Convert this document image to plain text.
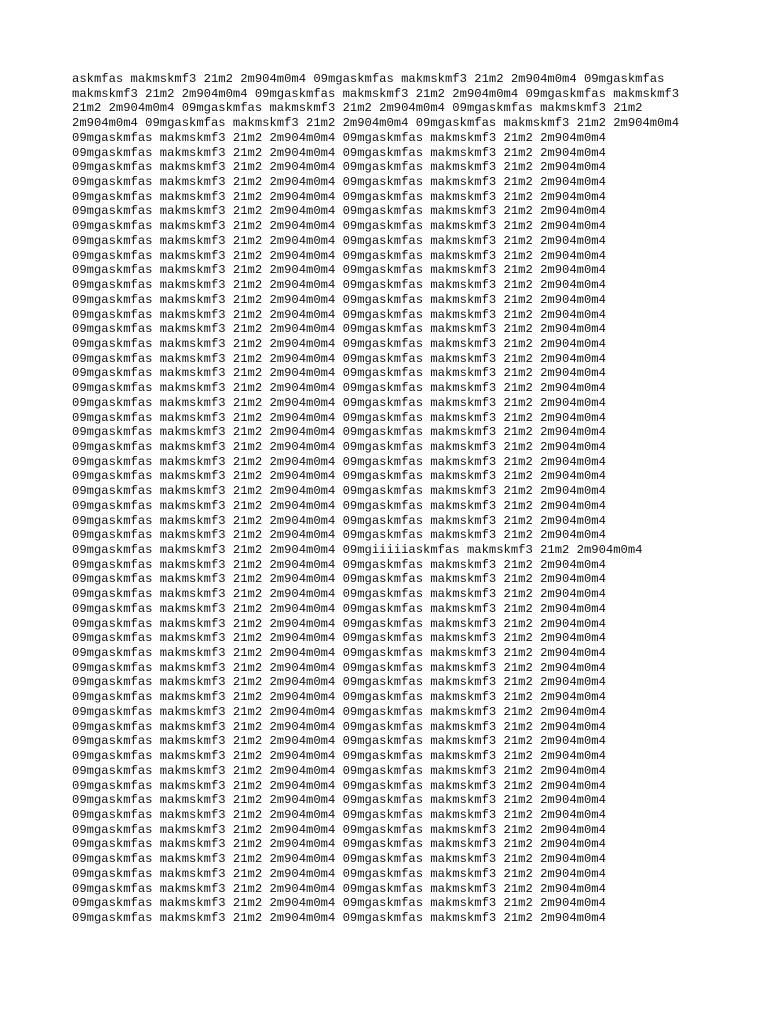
askmfas makmskmf3 21m2 2m904m0m4 09mgaskmfas makmskmf3 21m2 2m904m0m4 09mgaskmfas
makmskmf3 21m2 2m904m0m4 09mgaskmfas makmskmf3 21m2 2m904m0m4 09mgaskmfas makmskmf3
21m2 2m904m0m4 09mgaskmfas makmskmf3 21m2 2m904m0m4 09mgaskmfas makmskmf3 21m2
2m904m0m4 09mgaskmfas makmskmf3 21m2 2m904m0m4 09mgaskmfas makmskmf3 21m2 2m904m0m4
09mgaskmfas makmskmf3 21m2 2m904m0m4 09mgaskmfas makmskmf3 21m2 2m904m0m4
09mgaskmfas makmskmf3 21m2 2m904m0m4 09mgaskmfas makmskmf3 21m2 2m904m0m4
09mgaskmfas makmskmf3 21m2 2m904m0m4 09mgaskmfas makmskmf3 21m2 2m904m0m4
09mgaskmfas makmskmf3 21m2 2m904m0m4 09mgaskmfas makmskmf3 21m2 2m904m0m4
09mgaskmfas makmskmf3 21m2 2m904m0m4 09mgaskmfas makmskmf3 21m2 2m904m0m4
09mgaskmfas makmskmf3 21m2 2m904m0m4 09mgaskmfas makmskmf3 21m2 2m904m0m4
09mgaskmfas makmskmf3 21m2 2m904m0m4 09mgaskmfas makmskmf3 21m2 2m904m0m4
09mgaskmfas makmskmf3 21m2 2m904m0m4 09mgaskmfas makmskmf3 21m2 2m904m0m4
09mgaskmfas makmskmf3 21m2 2m904m0m4 09mgaskmfas makmskmf3 21m2 2m904m0m4
09mgaskmfas makmskmf3 21m2 2m904m0m4 09mgaskmfas makmskmf3 21m2 2m904m0m4
09mgaskmfas makmskmf3 21m2 2m904m0m4 09mgaskmfas makmskmf3 21m2 2m904m0m4
09mgaskmfas makmskmf3 21m2 2m904m0m4 09mgaskmfas makmskmf3 21m2 2m904m0m4
09mgaskmfas makmskmf3 21m2 2m904m0m4 09mgaskmfas makmskmf3 21m2 2m904m0m4
09mgaskmfas makmskmf3 21m2 2m904m0m4 09mgaskmfas makmskmf3 21m2 2m904m0m4
09mgaskmfas makmskmf3 21m2 2m904m0m4 09mgaskmfas makmskmf3 21m2 2m904m0m4
09mgaskmfas makmskmf3 21m2 2m904m0m4 09mgaskmfas makmskmf3 21m2 2m904m0m4
09mgaskmfas makmskmf3 21m2 2m904m0m4 09mgaskmfas makmskmf3 21m2 2m904m0m4
09mgaskmfas makmskmf3 21m2 2m904m0m4 09mgaskmfas makmskmf3 21m2 2m904m0m4
09mgaskmfas makmskmf3 21m2 2m904m0m4 09mgaskmfas makmskmf3 21m2 2m904m0m4
09mgaskmfas makmskmf3 21m2 2m904m0m4 09mgaskmfas makmskmf3 21m2 2m904m0m4
09mgaskmfas makmskmf3 21m2 2m904m0m4 09mgaskmfas makmskmf3 21m2 2m904m0m4
09mgaskmfas makmskmf3 21m2 2m904m0m4 09mgaskmfas makmskmf3 21m2 2m904m0m4
09mgaskmfas makmskmf3 21m2 2m904m0m4 09mgaskmfas makmskmf3 21m2 2m904m0m4
09mgaskmfas makmskmf3 21m2 2m904m0m4 09mgaskmfas makmskmf3 21m2 2m904m0m4
09mgaskmfas makmskmf3 21m2 2m904m0m4 09mgaskmfas makmskmf3 21m2 2m904m0m4
09mgaskmfas makmskmf3 21m2 2m904m0m4 09mgaskmfas makmskmf3 21m2 2m904m0m4
09mgaskmfas makmskmf3 21m2 2m904m0m4 09mgaskmfas makmskmf3 21m2 2m904m0m4
09mgaskmfas makmskmf3 21m2 2m904m0m4 09mgaskmfas makmskmf3 21m2 2m904m0m4
09mgaskmfas makmskmf3 21m2 2m904m0m4 09mgiiiiiaskmfas makmskmf3 21m2 2m904m0m4
09mgaskmfas makmskmf3 21m2 2m904m0m4 09mgaskmfas makmskmf3 21m2 2m904m0m4
09mgaskmfas makmskmf3 21m2 2m904m0m4 09mgaskmfas makmskmf3 21m2 2m904m0m4
09mgaskmfas makmskmf3 21m2 2m904m0m4 09mgaskmfas makmskmf3 21m2 2m904m0m4
09mgaskmfas makmskmf3 21m2 2m904m0m4 09mgaskmfas makmskmf3 21m2 2m904m0m4
09mgaskmfas makmskmf3 21m2 2m904m0m4 09mgaskmfas makmskmf3 21m2 2m904m0m4
09mgaskmfas makmskmf3 21m2 2m904m0m4 09mgaskmfas makmskmf3 21m2 2m904m0m4
09mgaskmfas makmskmf3 21m2 2m904m0m4 09mgaskmfas makmskmf3 21m2 2m904m0m4
09mgaskmfas makmskmf3 21m2 2m904m0m4 09mgaskmfas makmskmf3 21m2 2m904m0m4
09mgaskmfas makmskmf3 21m2 2m904m0m4 09mgaskmfas makmskmf3 21m2 2m904m0m4
09mgaskmfas makmskmf3 21m2 2m904m0m4 09mgaskmfas makmskmf3 21m2 2m904m0m4
09mgaskmfas makmskmf3 21m2 2m904m0m4 09mgaskmfas makmskmf3 21m2 2m904m0m4
09mgaskmfas makmskmf3 21m2 2m904m0m4 09mgaskmfas makmskmf3 21m2 2m904m0m4
09mgaskmfas makmskmf3 21m2 2m904m0m4 09mgaskmfas makmskmf3 21m2 2m904m0m4
09mgaskmfas makmskmf3 21m2 2m904m0m4 09mgaskmfas makmskmf3 21m2 2m904m0m4
09mgaskmfas makmskmf3 21m2 2m904m0m4 09mgaskmfas makmskmf3 21m2 2m904m0m4
09mgaskmfas makmskmf3 21m2 2m904m0m4 09mgaskmfas makmskmf3 21m2 2m904m0m4
09mgaskmfas makmskmf3 21m2 2m904m0m4 09mgaskmfas makmskmf3 21m2 2m904m0m4
09mgaskmfas makmskmf3 21m2 2m904m0m4 09mgaskmfas makmskmf3 21m2 2m904m0m4
09mgaskmfas makmskmf3 21m2 2m904m0m4 09mgaskmfas makmskmf3 21m2 2m904m0m4
09mgaskmfas makmskmf3 21m2 2m904m0m4 09mgaskmfas makmskmf3 21m2 2m904m0m4
09mgaskmfas makmskmf3 21m2 2m904m0m4 09mgaskmfas makmskmf3 21m2 2m904m0m4
09mgaskmfas makmskmf3 21m2 2m904m0m4 09mgaskmfas makmskmf3 21m2 2m904m0m4
09mgaskmfas makmskmf3 21m2 2m904m0m4 09mgaskmfas makmskmf3 21m2 2m904m0m4
09mgaskmfas makmskmf3 21m2 2m904m0m4 09mgaskmfas makmskmf3 21m2 2m904m0m4
09mgaskmfas makmskmf3 21m2 2m904m0m4 09mgaskmfas makmskmf3 21m2 2m904m0m4
